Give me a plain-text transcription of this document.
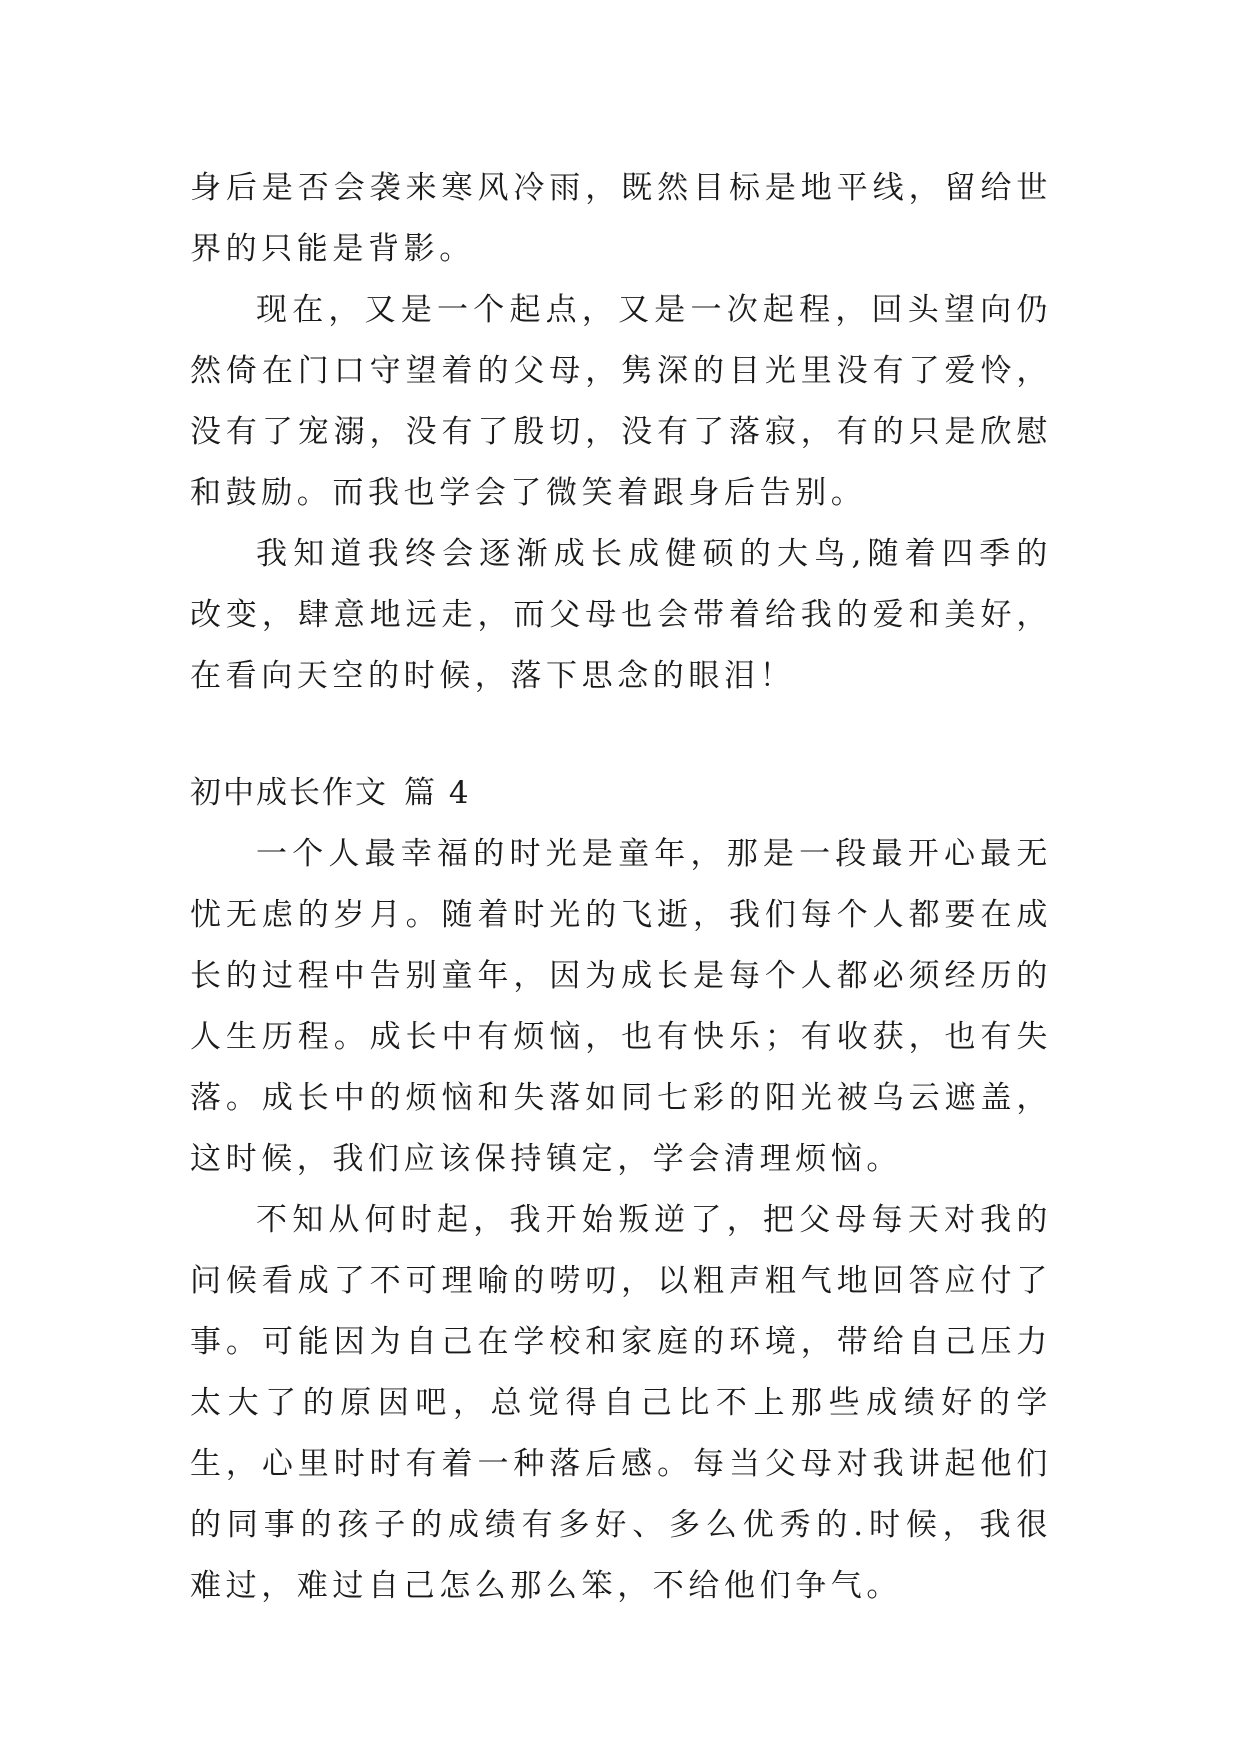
身后是否会袭来寒风冷雨，既然目标是地平线，留给世界的只能是背影。

现在，又是一个起点，又是一次起程，回头望向仍然倚在门口守望着的父母，隽深的目光里没有了爱怜，没有了宠溺，没有了殷切，没有了落寂，有的只是欣慰和鼓励。而我也学会了微笑着跟身后告别。

我知道我终会逐渐成长成健硕的大鸟,随着四季的改变，肆意地远走，而父母也会带着给我的爱和美好，在看向天空的时候，落下思念的眼泪！

初中成长作文 篇 4

一个人最幸福的时光是童年，那是一段最开心最无忧无虑的岁月。随着时光的飞逝，我们每个人都要在成长的过程中告别童年，因为成长是每个人都必须经历的人生历程。成长中有烦恼，也有快乐；有收获，也有失落。成长中的烦恼和失落如同七彩的阳光被乌云遮盖，这时候，我们应该保持镇定，学会清理烦恼。

不知从何时起，我开始叛逆了，把父母每天对我的问候看成了不可理喻的唠叨，以粗声粗气地回答应付了事。可能因为自己在学校和家庭的环境，带给自己压力太大了的原因吧，总觉得自己比不上那些成绩好的学生，心里时时有着一种落后感。每当父母对我讲起他们的同事的孩子的成绩有多好、多么优秀的.时候，我很难过，难过自己怎么那么笨，不给他们争气。
